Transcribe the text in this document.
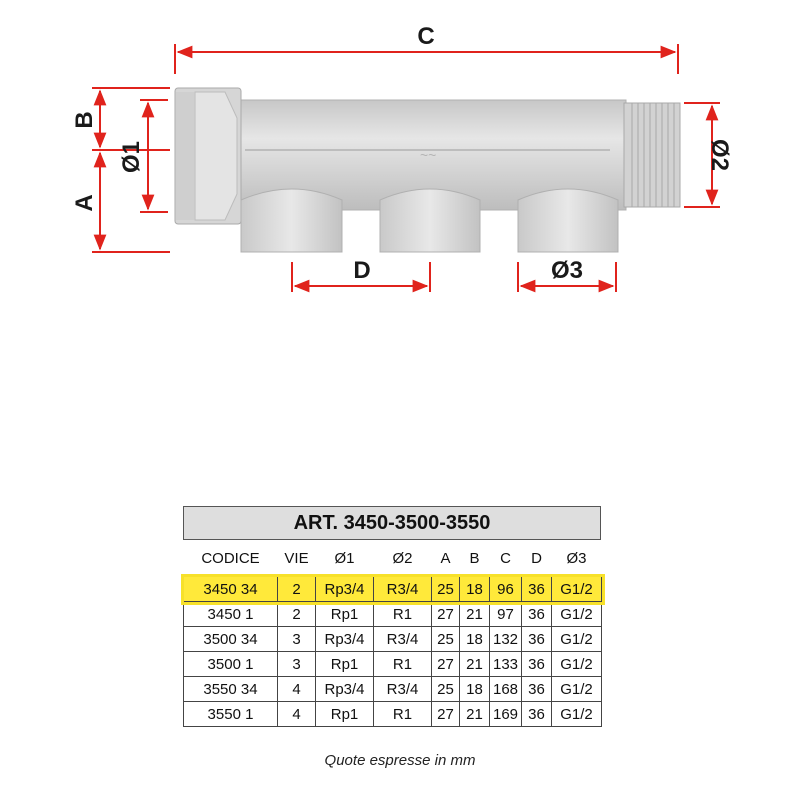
~~
C
D	Ø3
B
A
Ø1	Ø2
ART. 3450-3500-3550
CODICE	VIE	Ø1	Ø2	A	B	C	D	Ø3
3450 34	2	Rp3/4	R3/4	25	18	96	36	G1/2
3450 1	2	Rp1	R1	27	21	97	36	G1/2
3500 34	3	Rp3/4	R3/4	25	18	132	36	G1/2
3500 1	3	Rp1	R1	27	21	133	36	G1/2
3550 34	4	Rp3/4	R3/4	25	18	168	36	G1/2
3550 1	4	Rp1	R1	27	21	169	36	G1/2
Quote espresse in mm
